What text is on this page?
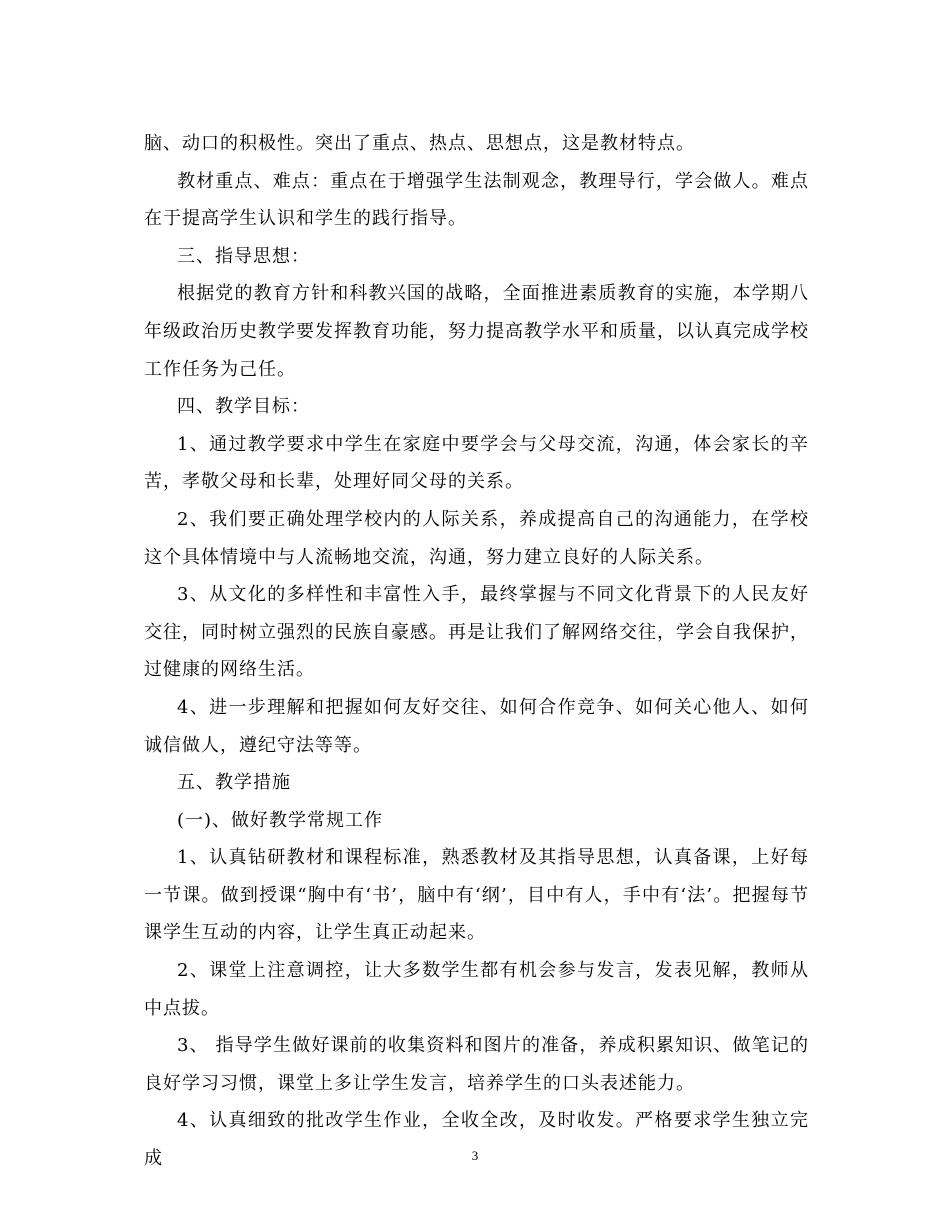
脑、动口的积极性。突出了重点、热点、思想点，这是教材特点。

教材重点、难点：重点在于增强学生法制观念，教理导行，学会做人。难点在于提高学生认识和学生的践行指导。

三、指导思想：

根据党的教育方针和科教兴国的战略，全面推进素质教育的实施，本学期八年级政治历史教学要发挥教育功能，努力提高教学水平和质量，以认真完成学校工作任务为己任。

四、教学目标：

1、通过教学要求中学生在家庭中要学会与父母交流，沟通，体会家长的辛苦，孝敬父母和长辈，处理好同父母的关系。

2、我们要正确处理学校内的人际关系，养成提高自己的沟通能力，在学校这个具体情境中与人流畅地交流，沟通，努力建立良好的人际关系。

3、从文化的多样性和丰富性入手，最终掌握与不同文化背景下的人民友好交往，同时树立强烈的民族自豪感。再是让我们了解网络交往，学会自我保护，过健康的网络生活。

4、进一步理解和把握如何友好交往、如何合作竞争、如何关心他人、如何诚信做人，遵纪守法等等。

五、教学措施

(一)、做好教学常规工作

1、认真钻研教材和课程标准，熟悉教材及其指导思想，认真备课，上好每一节课。做到授课“胸中有‘书’，脑中有‘纲’，目中有人，手中有‘法’。把握每节课学生互动的内容，让学生真正动起来。

2、课堂上注意调控，让大多数学生都有机会参与发言，发表见解，教师从中点拔。

3、 指导学生做好课前的收集资料和图片的准备，养成积累知识、做笔记的良好学习习惯，课堂上多让学生发言，培养学生的口头表述能力。

4、认真细致的批改学生作业，全收全改，及时收发。严格要求学生独立完成	3
